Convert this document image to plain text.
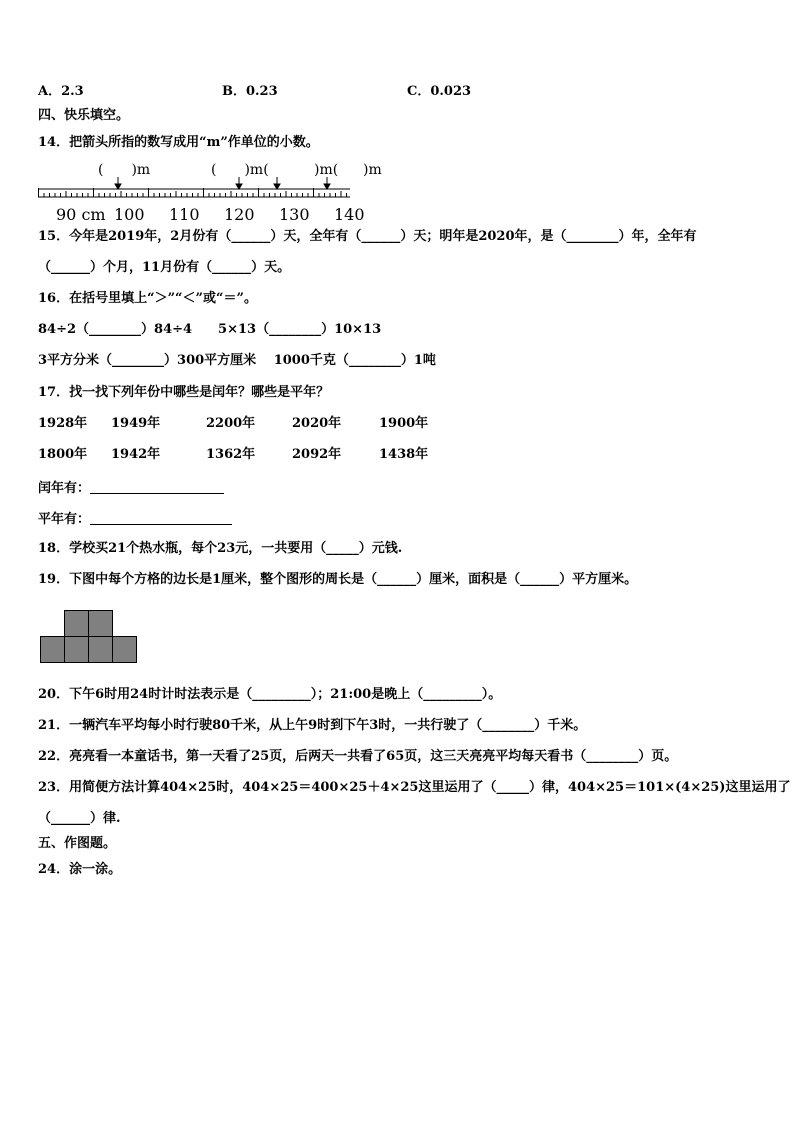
A．2.3	B．0.23	C．0.023
四、快乐填空。
14．把箭头所指的数写成用“m”作单位的小数。
(　　)m	(　　)m( 　　)m(
　　)m
90 cm 100 110 120 130 140
15．今年是2019年，2月份有（______）天，全年有（______）天；明年是2020年，是（________）年，全年有
（______）个月，11月份有（______）天。
16．在括号里填上“＞”“＜”或“＝”。
84÷2（________）84÷4　　5×13（________）10×13
3平方分米（________）300平方厘米　 1000千克（________）1吨
17．找一找下列年份中哪些是闰年？哪些是平年？
1928年 1949年	2200年	2020年	1900年
1800年 1942年	1362年	2092年	1438年
闰年有：
平年有：
18．学校买21个热水瓶，每个23元，一共要用（_____）元钱.
19．下图中每个方格的边长是1厘米，整个图形的周长是（______）厘米，面积是（______）平方厘米。
20．下午6时用24时计时法表示是（_________）；21:00是晚上（_________）。
21．一辆汽车平均每小时行驶80千米，从上午9时到下午3时，一共行驶了（________）千米。
22．亮亮看一本童话书，第一天看了25页，后两天一共看了65页，这三天亮亮平均每天看书（________）页。
23．用简便方法计算404×25时，404×25＝400×25＋4×25这里运用了（_____）律，404×25＝101×(4×25)这里运用了
（______）律.
五、作图题。
24．涂一涂。
